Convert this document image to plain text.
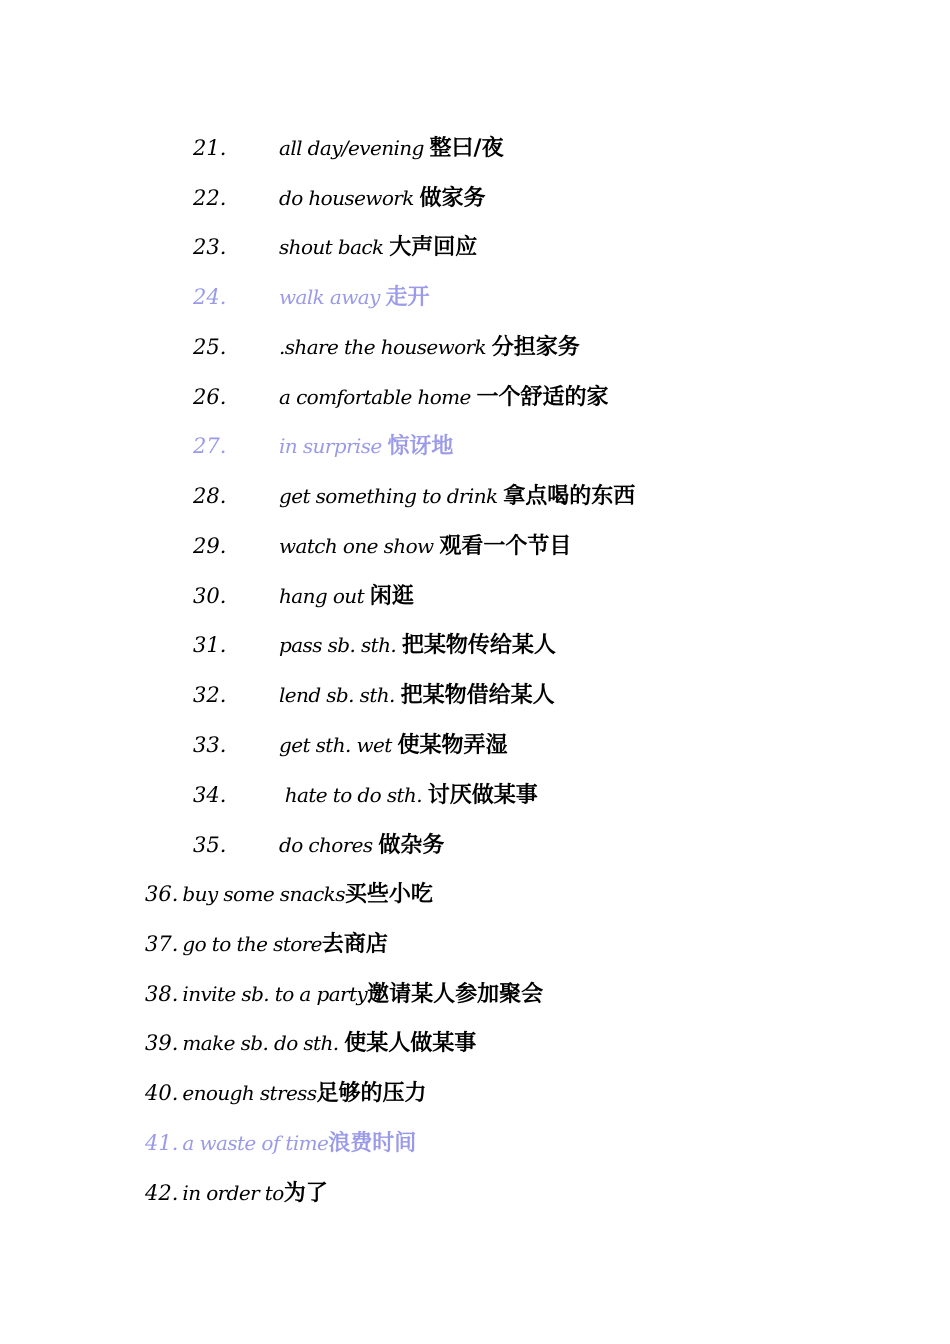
21.	all day/evening 整曰/夜
22.	do housework 做家务
23.	shout back 大声回应
24.	walk away 走开
25.	.share the housework 分担家务
26.	a comfortable home 一个舒适的家
27.	in surprise 惊讶地
28.	get something to drink 拿点喝的东西
29.	watch one show 观看一个节目
30.	hang out 闲逛
31.	pass sb. sth. 把某物传给某人
32.	lend sb. sth. 把某物借给某人
33.	get sth. wet 使某物弄湿
34.	hate to do sth. 讨厌做某事
35.	do chores 做杂务
36. buy some snacks买些小吃
37. go to the store去商店
38. invite sb. to a party邀请某人参加聚会
39. make sb. do sth. 使某人做某事
40. enough stress足够的压力
41. a waste of time浪费时间
42. in order to为了
